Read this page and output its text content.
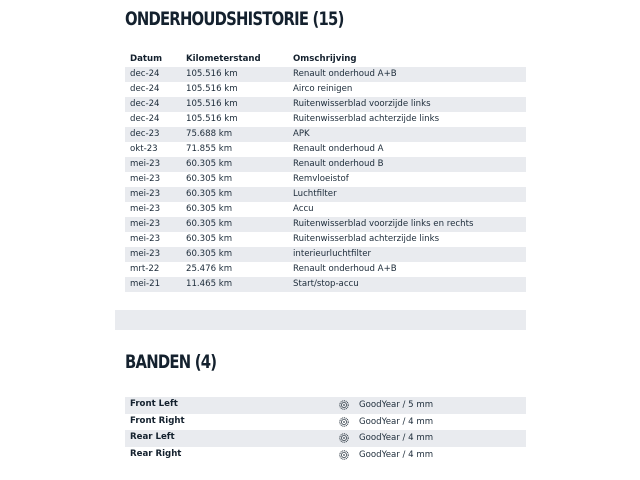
ONDERHOUDSHISTORIE (15)
Datum	Kilometerstand	Omschrijving
dec-24	105.516 km	Renault onderhoud A+B
dec-24	105.516 km	Airco reinigen
dec-24	105.516 km	Ruitenwisserblad voorzijde links
dec-24	105.516 km	Ruitenwisserblad achterzijde links
dec-23	75.688 km	APK
okt-23	71.855 km	Renault onderhoud A
mei-23	60.305 km	Renault onderhoud B
mei-23	60.305 km	Remvloeistof
mei-23	60.305 km	Luchtfilter
mei-23	60.305 km	Accu
mei-23	60.305 km	Ruitenwisserblad voorzijde links en rechts
mei-23	60.305 km	Ruitenwisserblad achterzijde links
mei-23	60.305 km	interieurluchtfilter
mrt-22	25.476 km	Renault onderhoud A+B
mei-21	11.465 km	Start/stop-accu
BANDEN (4)
Front Left	GoodYear / 5 mm
Front Right	GoodYear / 4 mm
Rear Left	GoodYear / 4 mm
Rear Right	GoodYear / 4 mm
